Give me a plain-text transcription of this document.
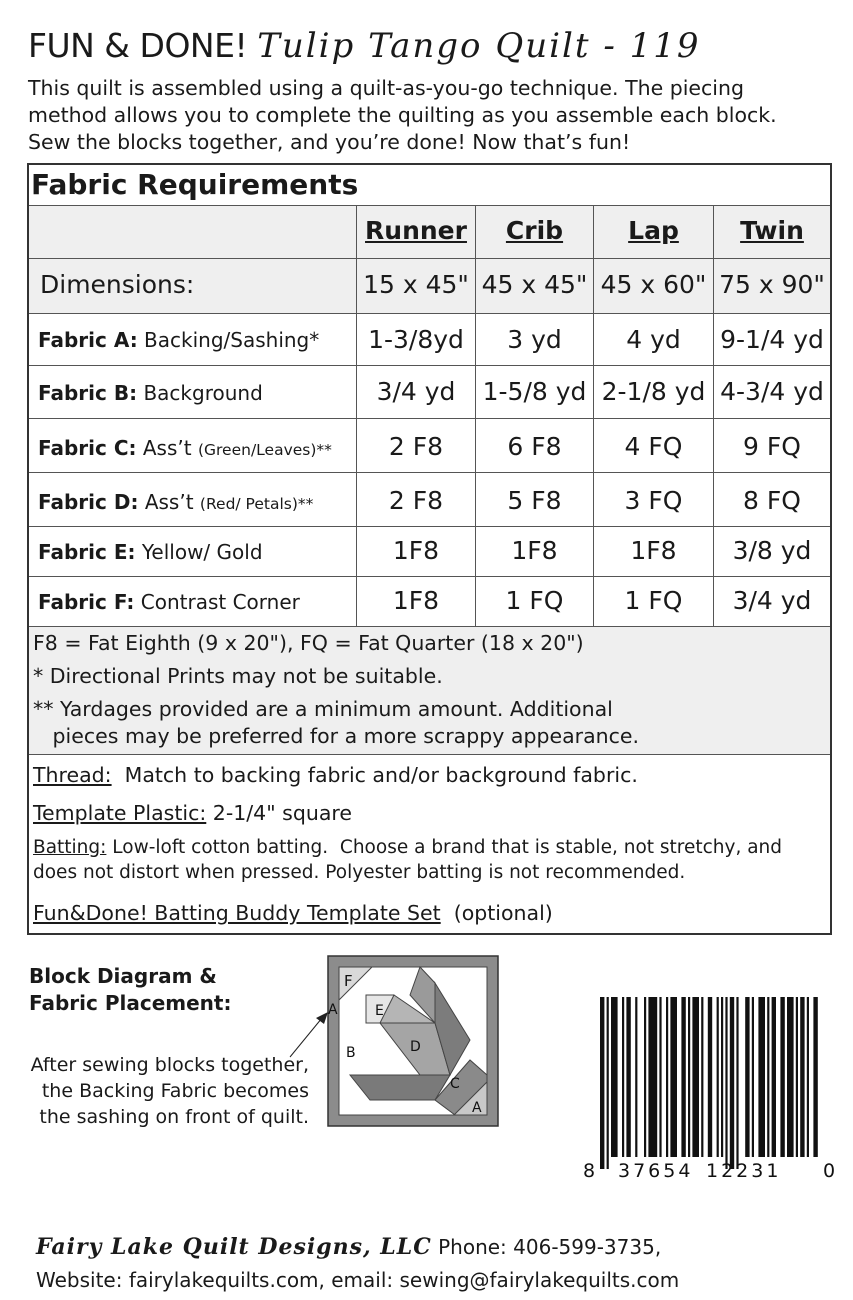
FUN & DONE! Tulip Tango Quilt - 119
This quilt is assembled using a quilt-as-you-go technique. The piecing
method allows you to complete the quilting as you assemble each block.
Sew the blocks together, and you’re done! Now that’s fun!
Fabric Requirements
Runner	Crib	Lap	Twin
Dimensions:	15 x 45" 45 x 45" 45 x 60" 75 x 90"
Fabric A: Backing/Sashing*	1-3/8yd	3 yd	4 yd	9-1/4 yd
Fabric B: Background	3/4 yd	1-5/8 yd 2-1/8 yd 4-3/4 yd
Fabric C: Ass’t (Green/Leaves)**	2 F8	6 F8	4 FQ	9 FQ
Fabric D: Ass’t (Red/ Petals)**	2 F8	5 F8	3 FQ	8 FQ
Fabric E: Yellow/ Gold	1F8	1F8	1F8	3/8 yd
Fabric F: Contrast Corner	1F8	1 FQ	1 FQ	3/4 yd
F8 = Fat Eighth (9 x 20"), FQ = Fat Quarter (18 x 20")
* Directional Prints may not be suitable.
** Yardages provided are a minimum amount. Additional
pieces may be preferred for a more scrappy appearance.
Thread:  Match to backing fabric and/or background fabric.
Template Plastic: 2-1/4" square
Batting: Low-loft cotton batting.  Choose a brand that is stable, not stretchy, and
does not distort when pressed. Polyester batting is not recommended.
Fun&Done! Batting Buddy Template Set  (optional)
Block Diagram &
Fabric Placement:
After sewing blocks together,
the Backing Fabric becomes
the sashing on front of quilt.
F
A	E
D
B
C
A
8 37654 12231 0
Fairy Lake Quilt Designs, LLC Phone: 406-599-3735,
Website: fairylakequilts.com, email: sewing@fairylakequilts.com
